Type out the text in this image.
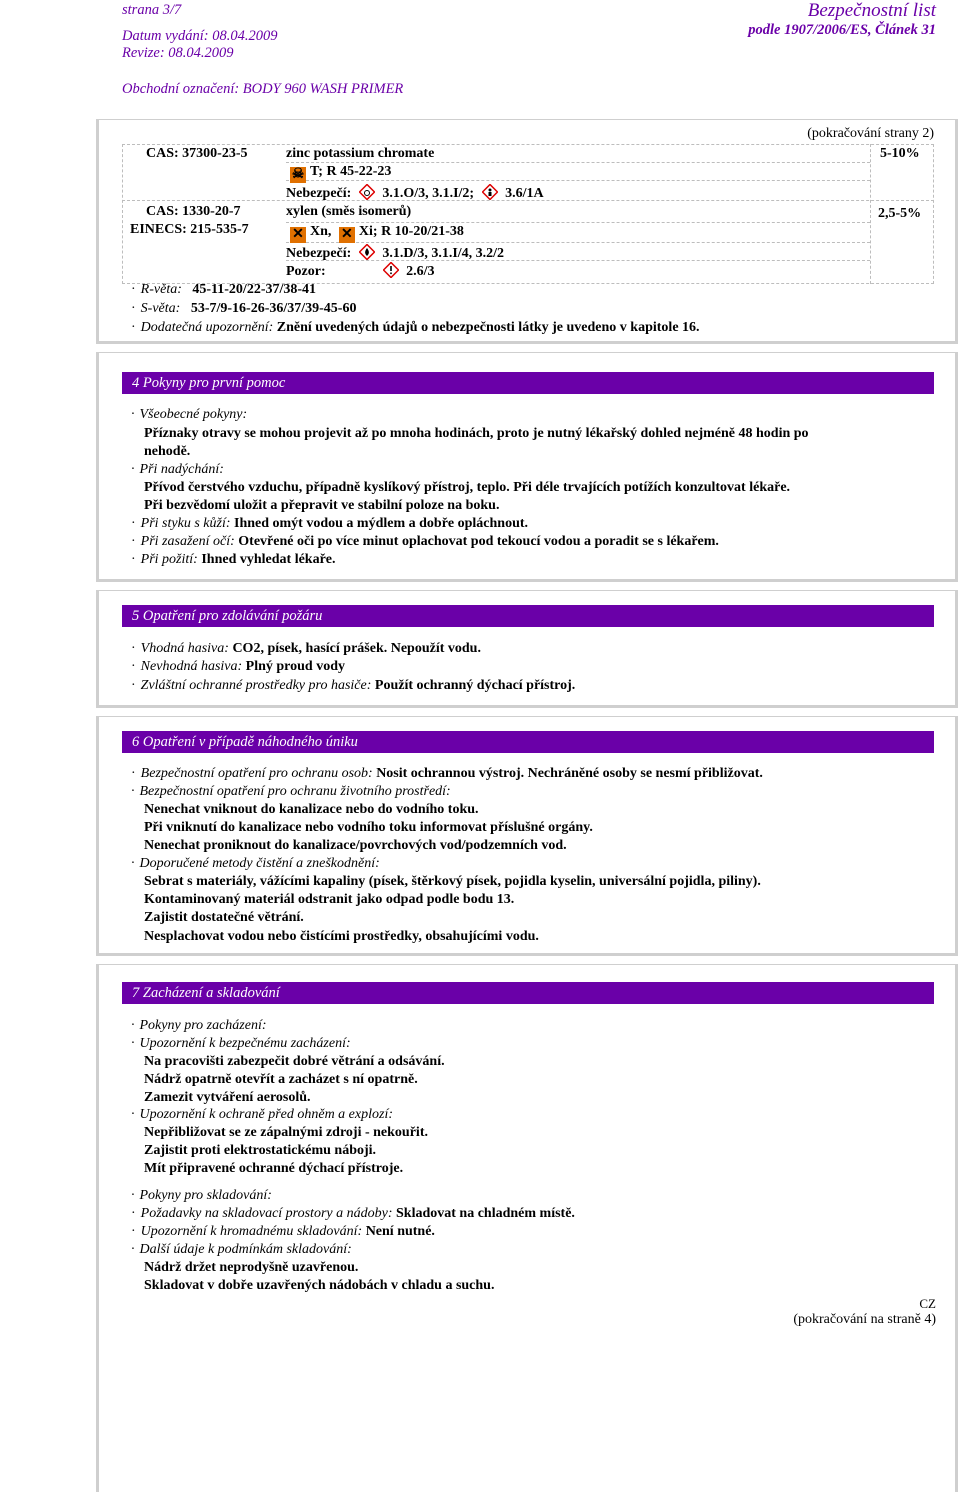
strana 3/7
Datum vydání: 08.04.2009
Revize: 08.04.2009
Bezpečnostní list
podle 1907/2006/ES, Článek 31
Obchodní označení: BODY 960 WASH PRIMER
(pokračování strany 2)
CAS: 37300-23-5	zinc potassium chromate
☠ T; R 45-22-23
Nebezpečí: 3.1.O/3, 3.1.I/2; 3.6/1A
5-10%
CAS: 1330-20-7
EINECS: 215-535-7
xylen (směs isomerů)
✕ Xn, ✕ Xi; R 10-20/21-38
Nebezpečí: 3.1.D/3, 3.1.I/4, 3.2/2
Pozor:	2.6/3
2,5-5%
· R-věta: 45-11-20/22-37/38-41
· S-věta: 53-7/9-16-26-36/37/39-45-60
· Dodatečná upozornění: Znění uvedených údajů o nebezpečnosti látky je uvedeno v kapitole 16.
4 Pokyny pro první pomoc
· Všeobecné pokyny:
Příznaky otravy se mohou projevit až po mnoha hodinách, proto je nutný lékařský dohled nejméně 48 hodin po
nehodě.
· Při nadýchání:
Přívod čerstvého vzduchu, případně kyslíkový přístroj, teplo. Při déle trvajících potížích konzultovat lékaře.
Při bezvědomí uložit a přepravit ve stabilní poloze na boku.
· Při styku s kůží: Ihned omýt vodou a mýdlem a dobře opláchnout.
· Při zasažení očí: Otevřené oči po více minut oplachovat pod tekoucí vodou a poradit se s lékařem.
· Při požití: Ihned vyhledat lékaře.
5 Opatření pro zdolávání požáru
· Vhodná hasiva: CO2, písek, hasící prášek. Nepoužít vodu.
· Nevhodná hasiva: Plný proud vody
· Zvláštní ochranné prostředky pro hasiče: Použít ochranný dýchací přístroj.
6 Opatření v případě náhodného úniku
· Bezpečnostní opatření pro ochranu osob: Nosit ochrannou výstroj. Nechráněné osoby se nesmí přibližovat.
· Bezpečnostní opatření pro ochranu životního prostředí:
Nenechat vniknout do kanalizace nebo do vodního toku.
Při vniknutí do kanalizace nebo vodního toku informovat příslušné orgány.
Nenechat proniknout do kanalizace/povrchových vod/podzemních vod.
· Doporučené metody čistění a zneškodnění:
Sebrat s materiály, vážícími kapaliny (písek, štěrkový písek, pojidla kyselin, universální pojidla, piliny).
Kontaminovaný materiál odstranit jako odpad podle bodu 13.
Zajistit dostatečné větrání.
Nesplachovat vodou nebo čistícími prostředky, obsahujícími vodu.
7 Zacházení a skladování
· Pokyny pro zacházení:
· Upozornění k bezpečnému zacházení:
Na pracovišti zabezpečit dobré větrání a odsávání.
Nádrž opatrně otevřít a zacházet s ní opatrně.
Zamezit vytváření aerosolů.
· Upozornění k ochraně před ohněm a explozí:
Nepřibližovat se ze zápalnými zdroji - nekouřit.
Zajistit proti elektrostatickému náboji.
Mít připravené ochranné dýchací přístroje.
· Pokyny pro skladování:
· Požadavky na skladovací prostory a nádoby: Skladovat na chladném místě.
· Upozornění k hromadnému skladování: Není nutné.
· Další údaje k podmínkám skladování:
Nádrž držet neprodyšně uzavřenou.
Skladovat v dobře uzavřených nádobách v chladu a suchu.
CZ
(pokračování na straně 4)
